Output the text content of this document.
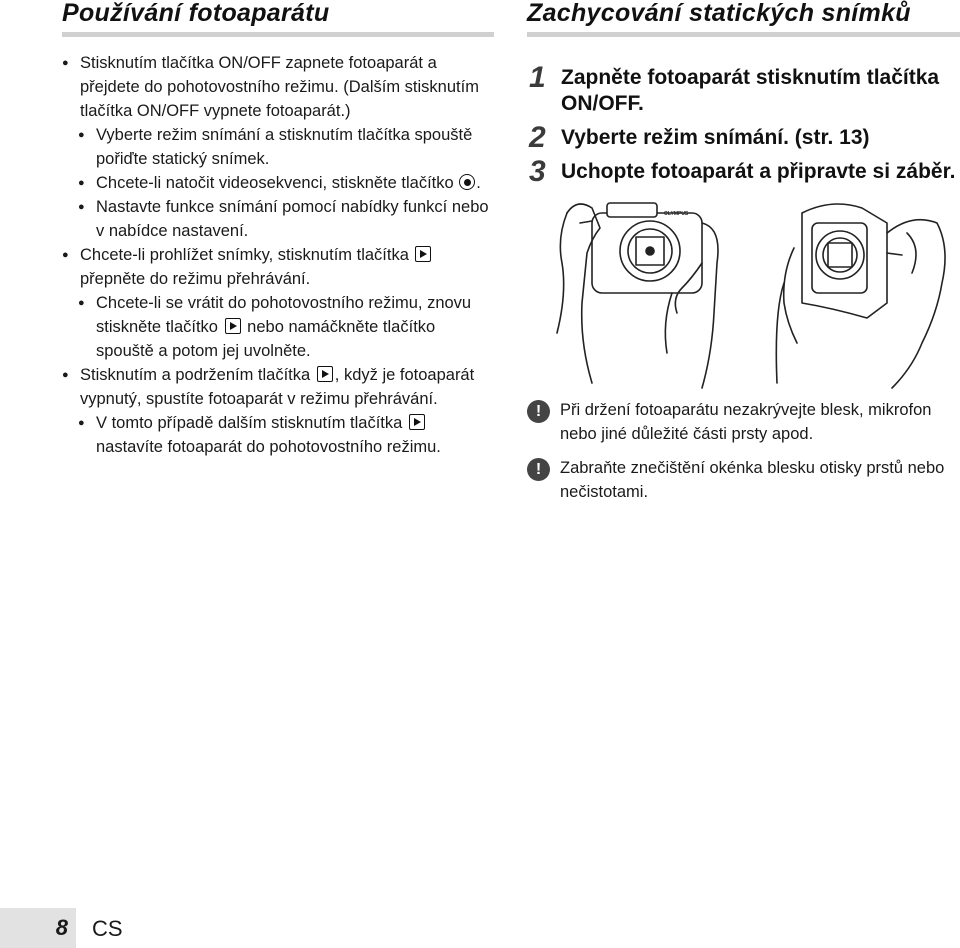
Používání fotoaparátu
● Stisknutím tlačítka ON/OFF zapnete fotoaparát a přejdete do pohotovostního režimu. (Dalším stisknutím tlačítka ON/OFF vypnete fotoaparát.)
● Vyberte režim snímání a stisknutím tlačítka spouště pořiďte statický snímek.
● Chcete-li natočit videosekvenci, stiskněte tlačítko .
● Nastavte funkce snímání pomocí nabídky funkcí nebo v nabídce nastavení.
● Chcete-li prohlížet snímky, stisknutím tlačítka  přepněte do režimu přehrávání.
● Chcete-li se vrátit do pohotovostního režimu, znovu stiskněte tlačítko nebo namáčkněte tlačítko spouště a potom jej uvolněte.
● Stisknutím a podržením tlačítka , když je fotoaparát vypnutý, spustíte fotoaparát v režimu přehrávání.
● V tomto případě dalším stisknutím tlačítka  nastavíte fotoaparát do pohotovostního režimu.
Zachycování statických snímků
1 Zapněte fotoaparát stisknutím tlačítka ON/OFF.
2 Vyberte režim snímání. (str. 13)
3 Uchopte fotoaparát a připravte si záběr.
OLYMPUS
!	Při držení fotoaparátu nezakrývejte blesk, mikrofon nebo jiné důležité části prsty apod.
!	Zabraňte znečištění okénka blesku otisky prstů nebo nečistotami.
8 CS
